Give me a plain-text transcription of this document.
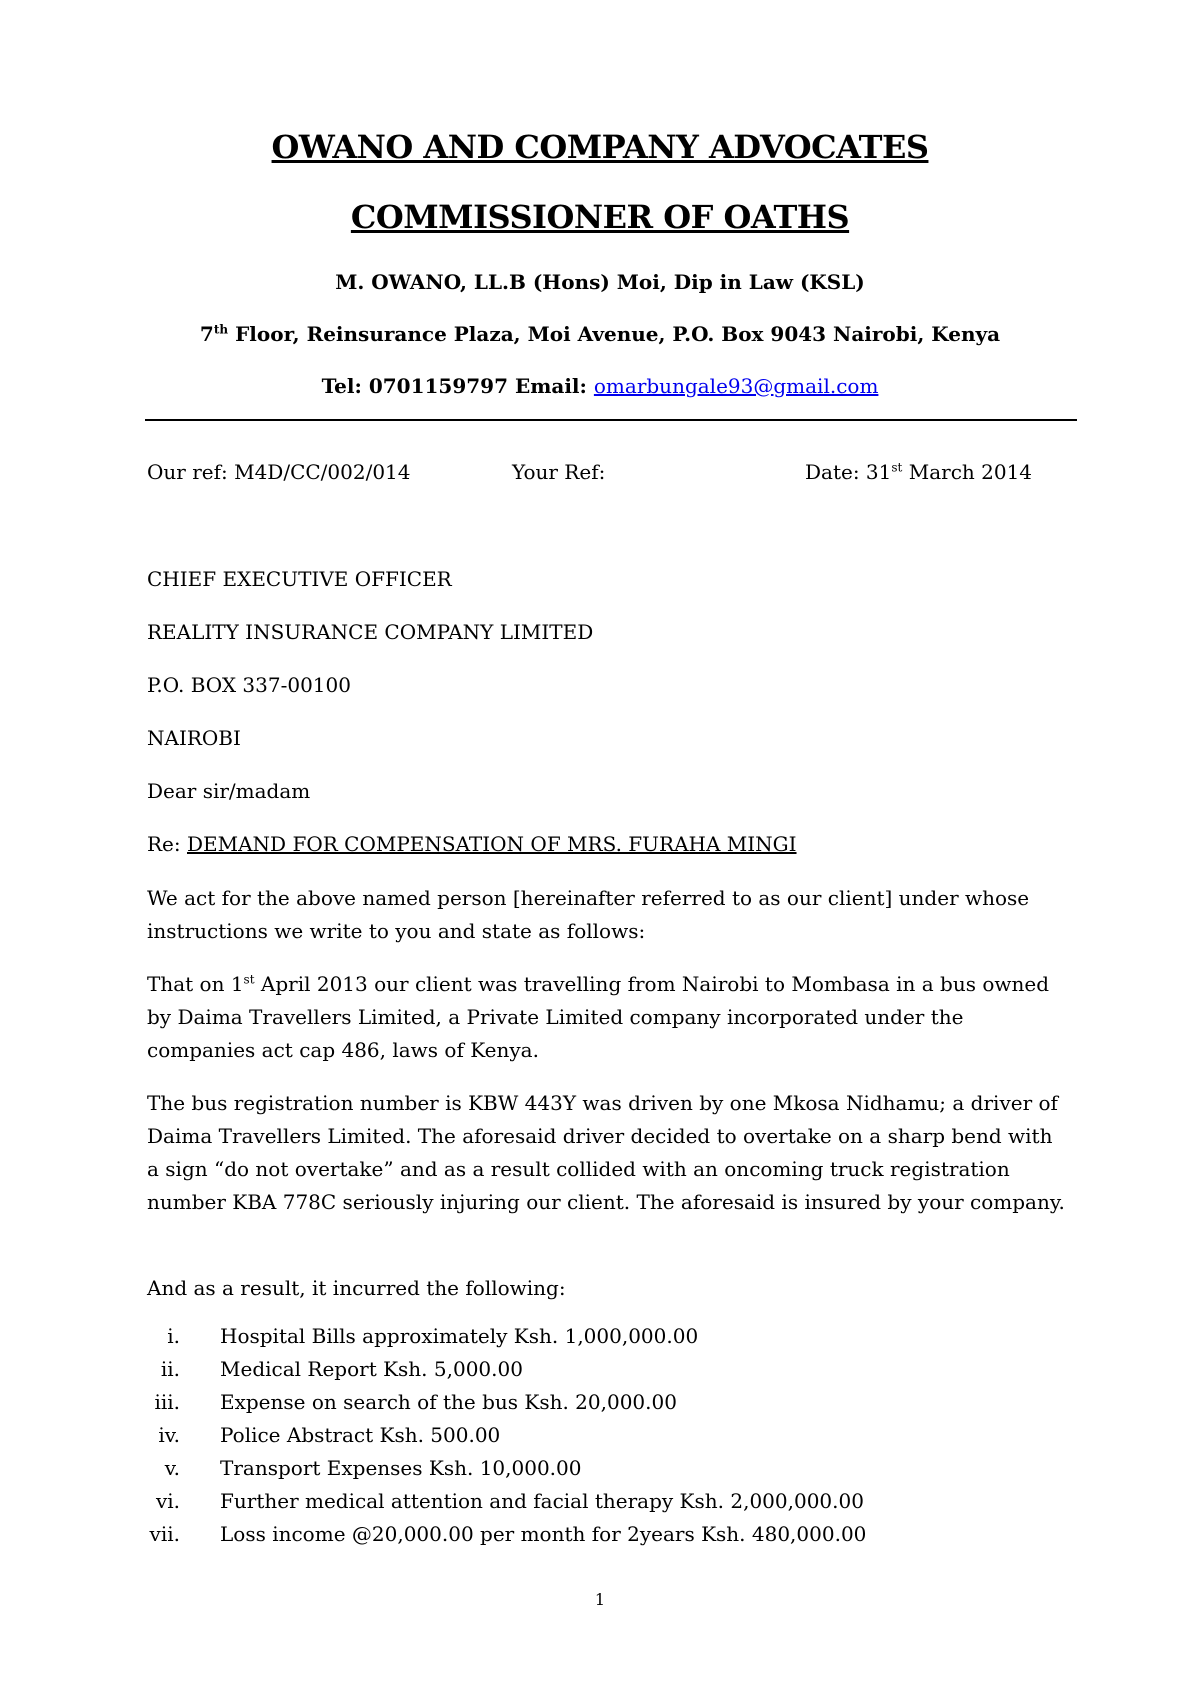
OWANO AND COMPANY ADVOCATES
COMMISSIONER OF OATHS
M. OWANO, LL.B (Hons) Moi, Dip in Law (KSL)
7th Floor, Reinsurance Plaza, Moi Avenue, P.O. Box 9043 Nairobi, Kenya
Tel: 0701159797 Email: omarbungale93@gmail.com
Our ref: M4D/CC/002/014	Your Ref:	Date: 31st March 2014
CHIEF EXECUTIVE OFFICER
REALITY INSURANCE COMPANY LIMITED
P.O. BOX 337-00100
NAIROBI
Dear sir/madam
Re: DEMAND FOR COMPENSATION OF MRS. FURAHA MINGI

We act for the above named person [hereinafter referred to as our client] under whose instructions we write to you and state as follows:

That on 1st April 2013 our client was travelling from Nairobi to Mombasa in a bus owned by Daima Travellers Limited, a Private Limited company incorporated under the companies act cap 486, laws of Kenya.

The bus registration number is KBW 443Y was driven by one Mkosa Nidhamu; a driver of Daima Travellers Limited. The aforesaid driver decided to overtake on a sharp bend with a sign “do not overtake” and as a result collided with an oncoming truck registration number KBA 778C seriously injuring our client. The aforesaid is insured by your company.

And as a result, it incurred the following:

i. Hospital Bills approximately Ksh. 1,000,000.00
ii. Medical Report Ksh. 5,000.00
iii. Expense on search of the bus Ksh. 20,000.00
iv. Police Abstract Ksh. 500.00
v. Transport Expenses Ksh. 10,000.00
vi. Further medical attention and facial therapy Ksh. 2,000,000.00
vii. Loss income @20,000.00 per month for 2years Ksh. 480,000.00
1
